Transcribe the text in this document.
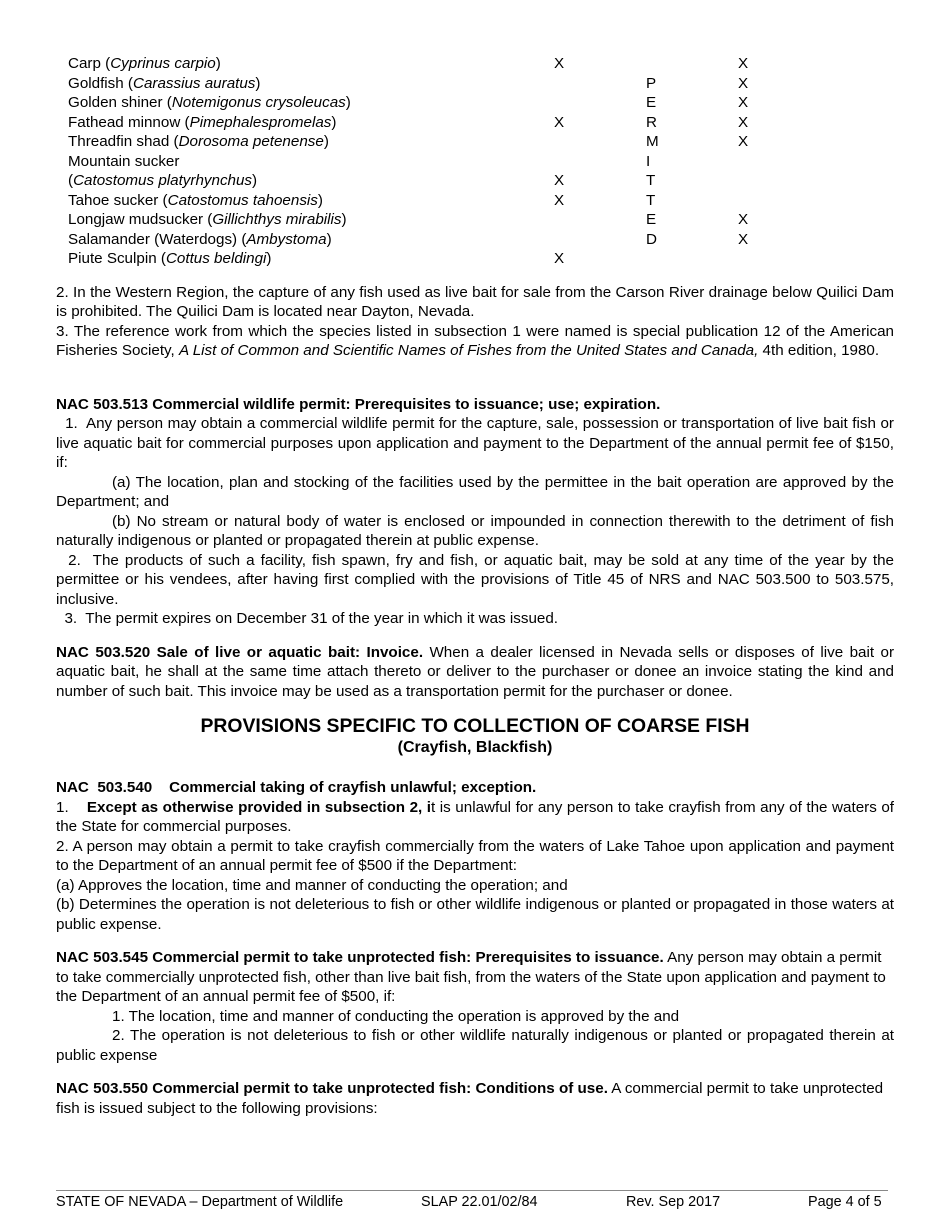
Carp (Cyprinus carpio)	X		X
Goldfish (Carassius auratus)		P	X
Golden shiner (Notemigonus crysoleucas)		E	X
Fathead minnow (Pimephalespromelas)	X	R	X
Threadfin shad (Dorosoma petenense)		M	X
Mountain sucker		I	
(Catostomus platyrhynchus)	X	T	
Tahoe sucker (Catostomus tahoensis)	X	T	
Longjaw mudsucker (Gillichthys mirabilis)		E	X
Salamander (Waterdogs) (Ambystoma)		D	X
Piute Sculpin (Cottus beldingi)	X		

2. In the Western Region, the capture of any fish used as live bait for sale from the Carson River drainage below Quilici Dam is prohibited. The Quilici Dam is located near Dayton, Nevada.

3. The reference work from which the species listed in subsection 1 were named is special publication 12 of the American Fisheries Society, A List of Common and Scientific Names of Fishes from the United States and Canada, 4th edition, 1980.

NAC 503.513 Commercial wildlife permit: Prerequisites to issuance; use; expiration.

1.  Any person may obtain a commercial wildlife permit for the capture, sale, possession or transportation of live bait fish or live aquatic bait for commercial purposes upon application and payment to the Department of the annual permit fee of $150, if:

(a) The location, plan and stocking of the facilities used by the permittee in the bait operation are approved by the Department; and

(b) No stream or natural body of water is enclosed or impounded in connection therewith to the detriment of fish naturally indigenous or planted or propagated therein at public expense.

2.  The products of such a facility, fish spawn, fry and fish, or aquatic bait, may be sold at any time of the year by the permittee or his vendees, after having first complied with the provisions of Title 45 of NRS and NAC 503.500 to 503.575, inclusive.

3.  The permit expires on December 31 of the year in which it was issued.

NAC 503.520 Sale of live or aquatic bait: Invoice. When a dealer licensed in Nevada sells or disposes of live bait or aquatic bait, he shall at the same time attach thereto or deliver to the purchaser or donee an invoice stating the kind and number of such bait. This invoice may be used as a transportation permit for the purchaser or donee.

PROVISIONS SPECIFIC TO COLLECTION OF COARSE FISH
(Crayfish, Blackfish)

NAC  503.540    Commercial taking of crayfish unlawful; exception.

1.    Except as otherwise provided in subsection 2, it is unlawful for any person to take crayfish from any of the waters of the State for commercial purposes.

2. A person may obtain a permit to take crayfish commercially from the waters of Lake Tahoe upon application and payment to the Department of an annual permit fee of $500 if the Department:

(a) Approves the location, time and manner of conducting the operation; and

(b) Determines the operation is not deleterious to fish or other wildlife indigenous or planted or propagated in those waters at public expense.

NAC 503.545 Commercial permit to take unprotected fish: Prerequisites to issuance. Any person may obtain a permit to take commercially unprotected fish, other than live bait fish, from the waters of the State upon application and payment to the Department of an annual permit fee of $500, if:

1. The location, time and manner of conducting the operation is approved by the and

2. The operation is not deleterious to fish or other wildlife naturally indigenous or planted or propagated therein at public expense

NAC 503.550 Commercial permit to take unprotected fish: Conditions of use. A commercial permit to take unprotected fish is issued subject to the following provisions:

STATE OF NEVADA – Department of Wildlife	SLAP 22.01/02/84	Rev. Sep 2017	Page 4 of 5
